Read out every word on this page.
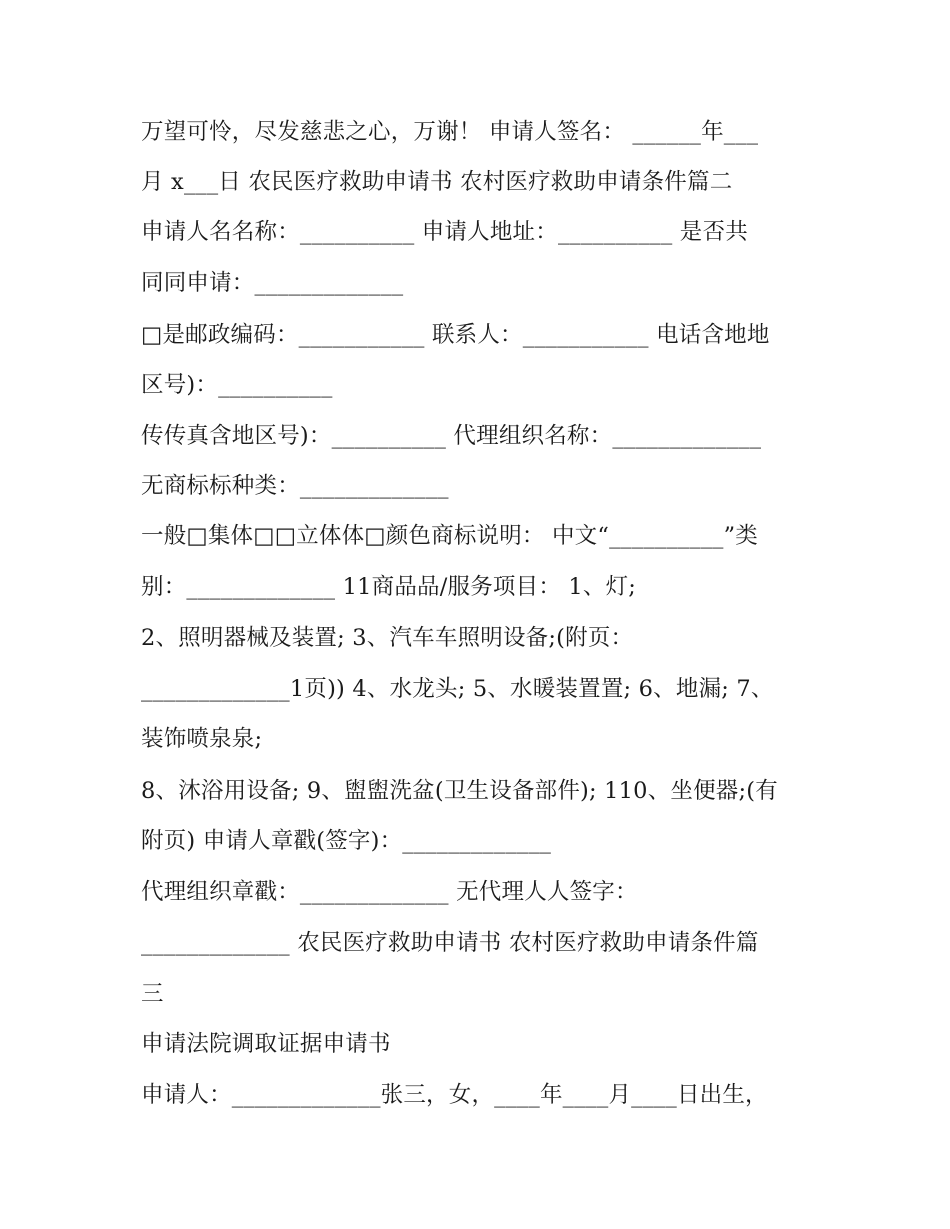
万望可怜，尽发慈悲之心，万谢！ 申请人签名： ______年___
月 x___日 农民医疗救助申请书 农村医疗救助申请条件篇二
申请人名名称：__________ 申请人地址：__________ 是否共
同同申请：_____________
□是邮政编码：___________ 联系人：___________ 电话含地地
区号)：__________
传传真含地区号)：__________ 代理组织名称：_____________
无商标标种类：_____________
一般□集体□□立体体□颜色商标说明： 中文“__________”类
别：_____________ 11商品品/服务项目： 1、灯;
2、照明器械及装置; 3、汽车车照明设备;(附页：
_____________1页)) 4、水龙头; 5、水暖装置置; 6、地漏; 7、
装饰喷泉泉;
8、沐浴用设备; 9、盥盥洗盆(卫生设备部件); 110、坐便器;(有
附页) 申请人章戳(签字)：_____________
代理组织章戳：_____________ 无代理人人签字：
_____________ 农民医疗救助申请书 农村医疗救助申请条件篇
三
申请法院调取证据申请书
申请人：_____________张三，女，____年____月____日出生，
